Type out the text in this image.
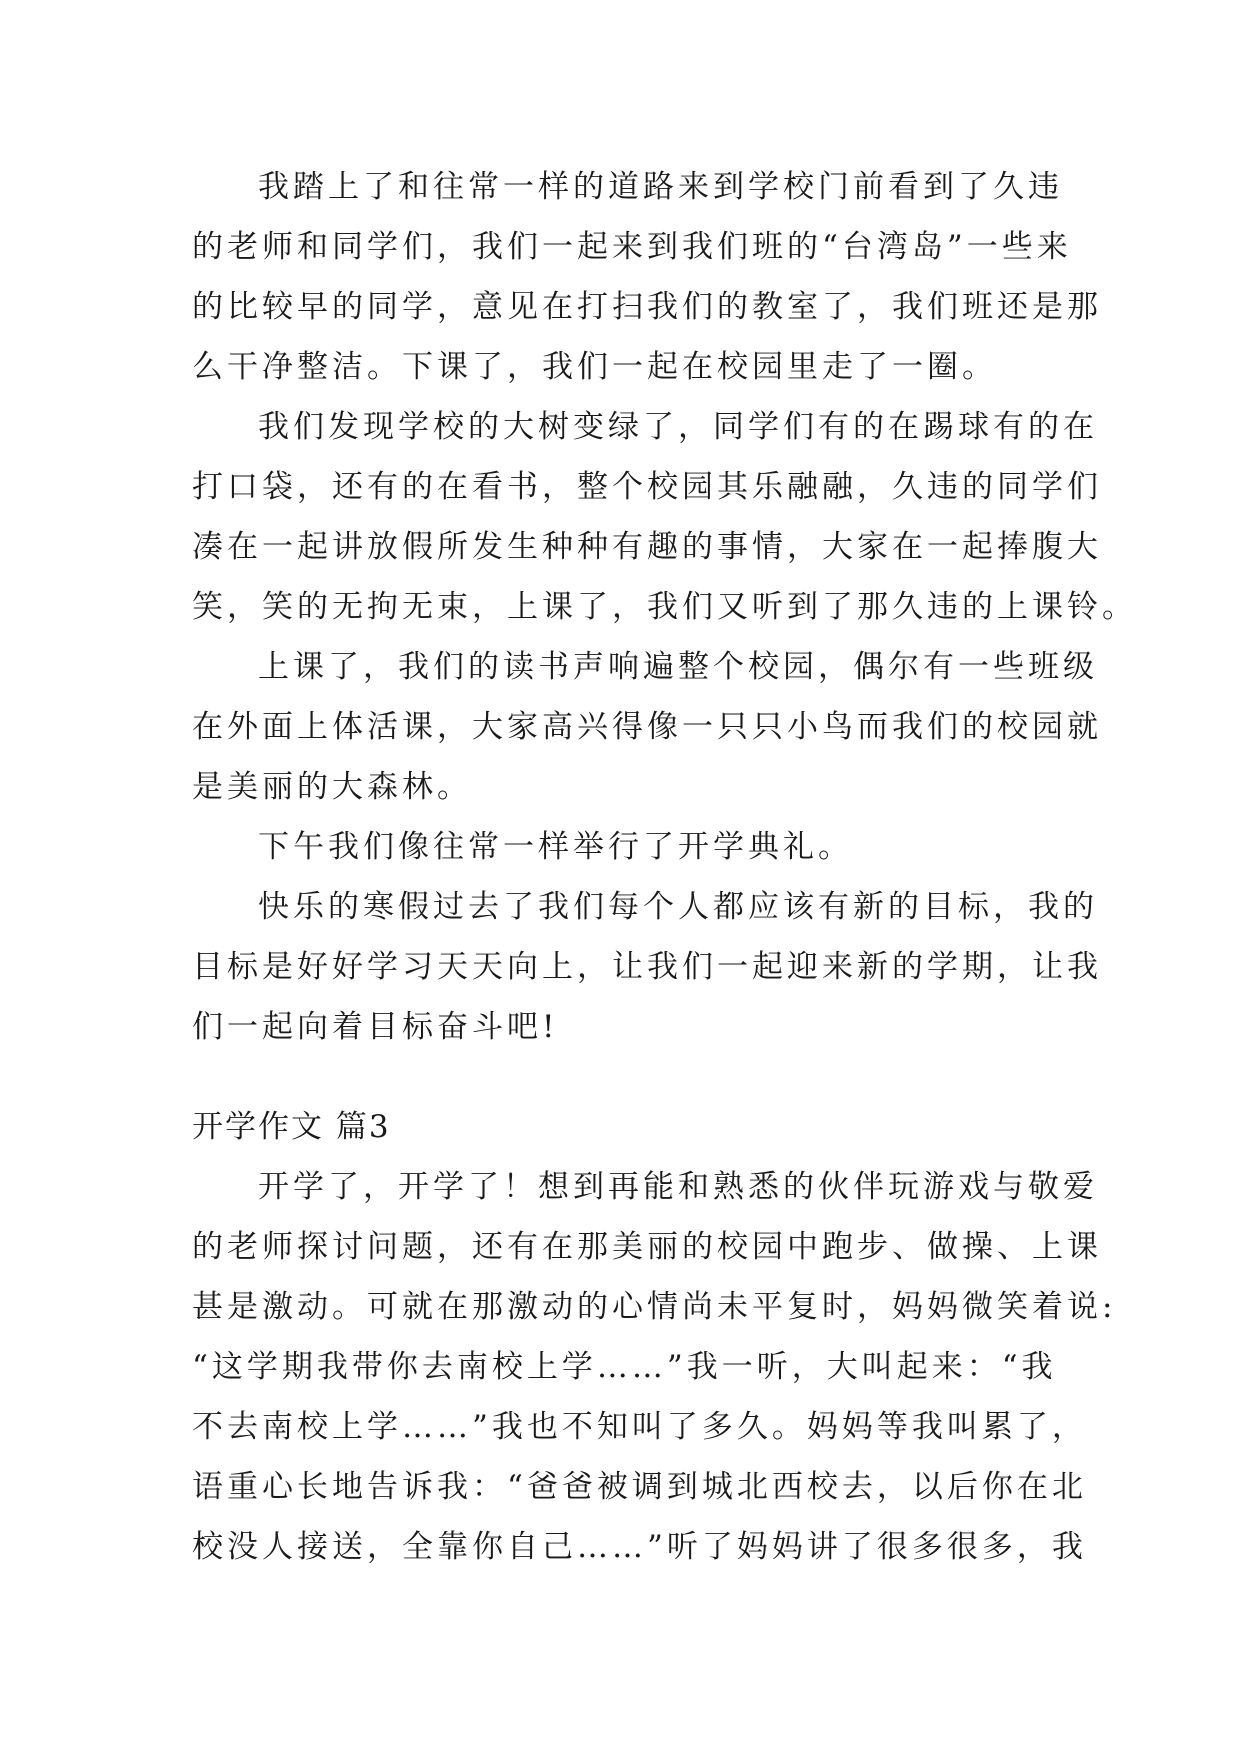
我踏上了和往常一样的道路来到学校门前看到了久违
的老师和同学们，我们一起来到我们班的“台湾岛”一些来
的比较早的同学，意见在打扫我们的教室了，我们班还是那
么干净整洁。下课了，我们一起在校园里走了一圈。
我们发现学校的大树变绿了，同学们有的在踢球有的在
打口袋，还有的在看书，整个校园其乐融融，久违的同学们
凑在一起讲放假所发生种种有趣的事情，大家在一起捧腹大
笑，笑的无拘无束，上课了，我们又听到了那久违的上课铃。
上课了，我们的读书声响遍整个校园，偶尔有一些班级
在外面上体活课，大家高兴得像一只只小鸟而我们的校园就
是美丽的大森林。
下午我们像往常一样举行了开学典礼。
快乐的寒假过去了我们每个人都应该有新的目标，我的
目标是好好学习天天向上，让我们一起迎来新的学期，让我
们一起向着目标奋斗吧!
开学作文 篇3
开学了，开学了！想到再能和熟悉的伙伴玩游戏与敬爱
的老师探讨问题，还有在那美丽的校园中跑步、做操、上课
甚是激动。可就在那激动的心情尚未平复时，妈妈微笑着说:
“这学期我带你去南校上学……”我一听，大叫起来：“我
不去南校上学……”我也不知叫了多久。妈妈等我叫累了，
语重心长地告诉我：“爸爸被调到城北西校去，以后你在北
校没人接送，全靠你自己……”听了妈妈讲了很多很多，我
